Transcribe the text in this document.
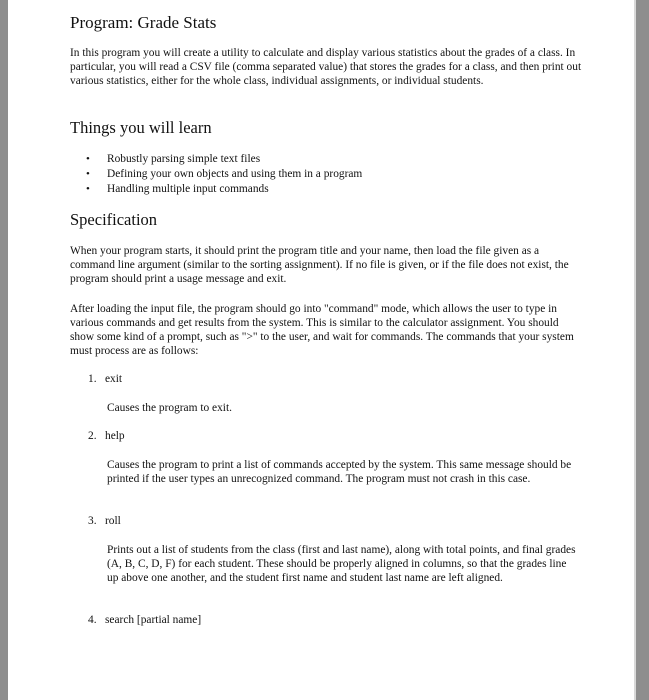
Program: Grade Stats

In this program you will create a utility to calculate and display various statistics about the grades of a class. In particular, you will read a CSV file (comma separated value) that stores the grades for a class, and then print out various statistics, either for the whole class, individual assignments, or individual students.

Things you will learn
• Robustly parsing simple text files
• Defining your own objects and using them in a program
• Handling multiple input commands
Specification

When your program starts, it should print the program title and your name, then load the file given as a command line argument (similar to the sorting assignment). If no file is given, or if the file does not exist, the program should print a usage message and exit.

After loading the input file, the program should go into "command" mode, which allows the user to type in various commands and get results from the system. This is similar to the calculator assignment. You should show some kind of a prompt, such as ">" to the user, and wait for commands. The commands that your system must process are as follows:

1. exit
Causes the program to exit.
2. help
Causes the program to print a list of commands accepted by the system. This same message should be printed if the user types an unrecognized command. The program must not crash in this case.
3. roll
Prints out a list of students from the class (first and last name), along with total points, and final grades (A, B, C, D, F) for each student. These should be properly aligned in columns, so that the grades line up above one another, and the student first name and student last name are left aligned.
4. search [partial name]
